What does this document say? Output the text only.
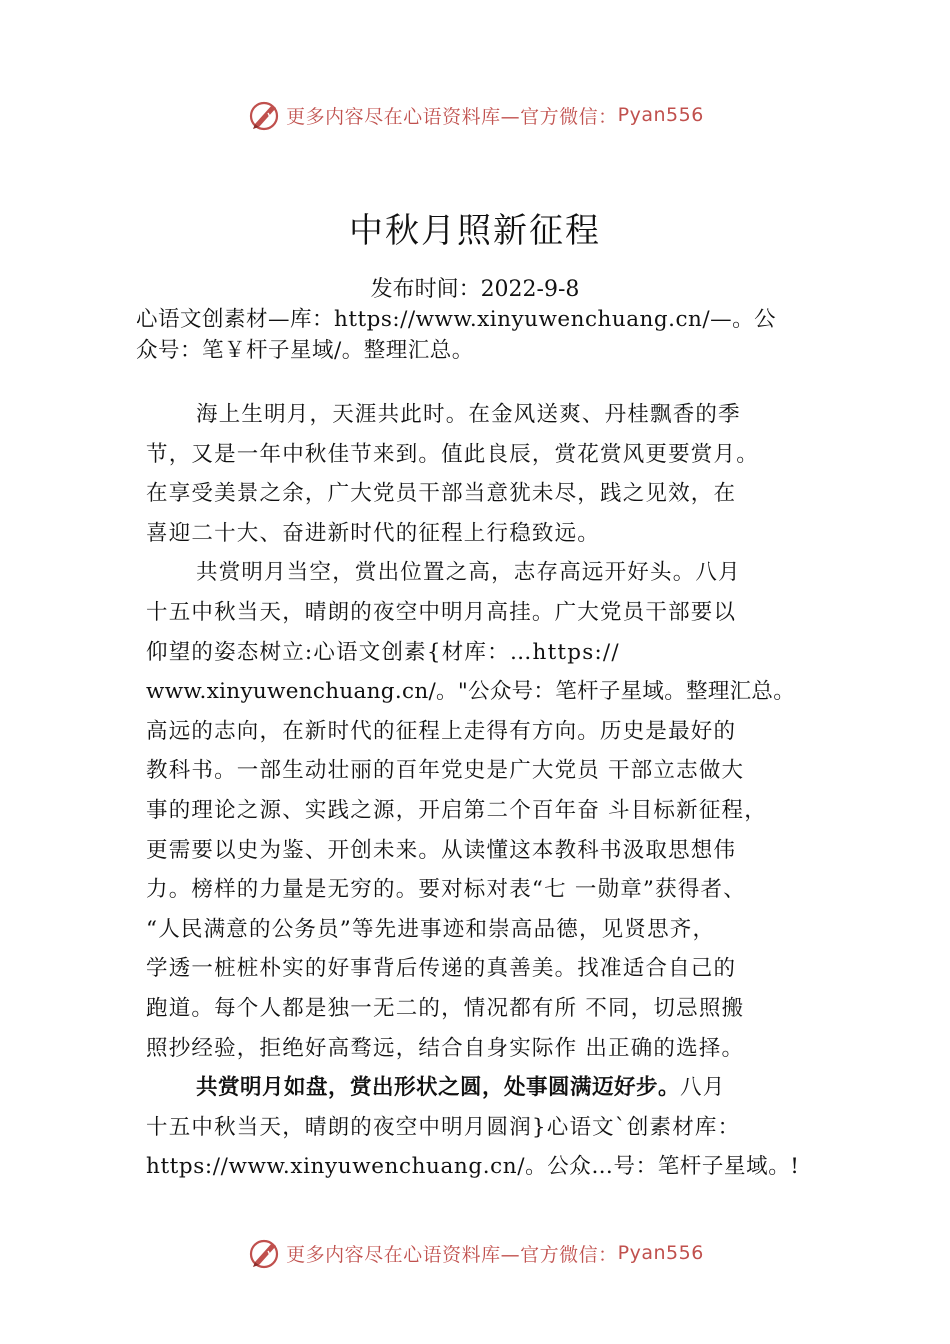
更多内容尽在心语资料库—官方微信： Pyan556
中秋月照新征程
发布时间：2022-9-8
心语文创素材—库：https://www.xinyuwenchuang.cn/—。公
众号：笔￥杆子星域/。整理汇总。
海上生明月，天涯共此时。在金风送爽、丹桂飘香的季
节，又是一年中秋佳节来到。值此良辰，赏花赏风更要赏月。
在享受美景之余，广大党员干部当意犹未尽，践之见效，在
喜迎二十大、奋进新时代的征程上行稳致远。
共赏明月当空，赏出位置之高，志存高远开好头。八月
十五中秋当天，晴朗的夜空中明月高挂。广大党员干部要以
仰望的姿态树立:心语文创素{材库：…https://
www.xinyuwenchuang.cn/。"公众号：笔杆子星域。整理汇总。
高远的志向，在新时代的征程上走得有方向。历史是最好的
教科书。一部生动壮丽的百年党史是广大党员 干部立志做大
事的理论之源、实践之源，开启第二个百年奋 斗目标新征程，
更需要以史为鉴、开创未来。从读懂这本教科书汲取思想伟
力。榜样的力量是无穷的。要对标对表“七 一勋章”获得者、
“人民满意的公务员”等先进事迹和崇高品德，见贤思齐，
学透一桩桩朴实的好事背后传递的真善美。找准适合自己的
跑道。每个人都是独一无二的，情况都有所 不同，切忌照搬
照抄经验，拒绝好高骛远，结合自身实际作 出正确的选择。
共赏明月如盘，赏出形状之圆，处事圆满迈好步。八月
十五中秋当天，晴朗的夜空中明月圆润}心语文`创素材库：
https://www.xinyuwenchuang.cn/。公众…号：笔杆子星域。!
更多内容尽在心语资料库—官方微信： Pyan556
